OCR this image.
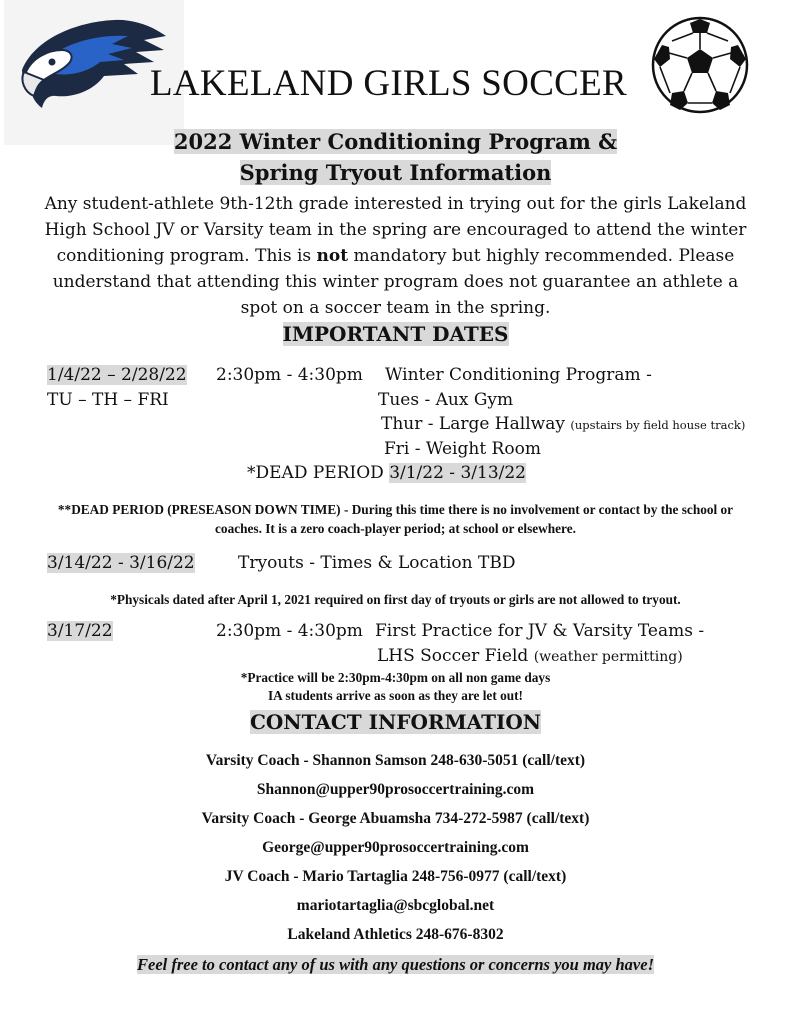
LAKELAND GIRLS SOCCER
2022 Winter Conditioning Program &
Spring Tryout Information
Any student-athlete 9th-12th grade interested in trying out for the girls Lakeland High School JV or Varsity team in the spring are encouraged to attend the winter conditioning program. This is not mandatory but highly recommended. Please understand that attending this winter program does not guarantee an athlete a spot on a soccer team in the spring.
IMPORTANT DATES
1/4/22 – 2/28/22 2:30pm - 4:30pm Winter Conditioning Program -
TU – TH – FRI	Tues - Aux Gym
Thur - Large Hallway (upstairs by field house track)
Fri - Weight Room
*DEAD PERIOD 3/1/22 - 3/13/22
**DEAD PERIOD (PRESEASON DOWN TIME) - During this time there is no involvement or contact by the school or coaches. It is a zero coach-player period; at school or elsewhere.
3/14/22 - 3/16/22	Tryouts - Times & Location TBD
*Physicals dated after April 1, 2021 required on first day of tryouts or girls are not allowed to tryout.
3/17/22	2:30pm - 4:30pm First Practice for JV & Varsity Teams -
LHS Soccer Field (weather permitting)
*Practice will be 2:30pm-4:30pm on all non game days
IA students arrive as soon as they are let out!
CONTACT INFORMATION
Varsity Coach - Shannon Samson 248-630-5051 (call/text)
Shannon@upper90prosoccertraining.com
Varsity Coach - George Abuamsha 734-272-5987 (call/text)
George@upper90prosoccertraining.com
JV Coach - Mario Tartaglia 248-756-0977 (call/text)
mariotartaglia@sbcglobal.net
Lakeland Athletics 248-676-8302
Feel free to contact any of us with any questions or concerns you may have!
